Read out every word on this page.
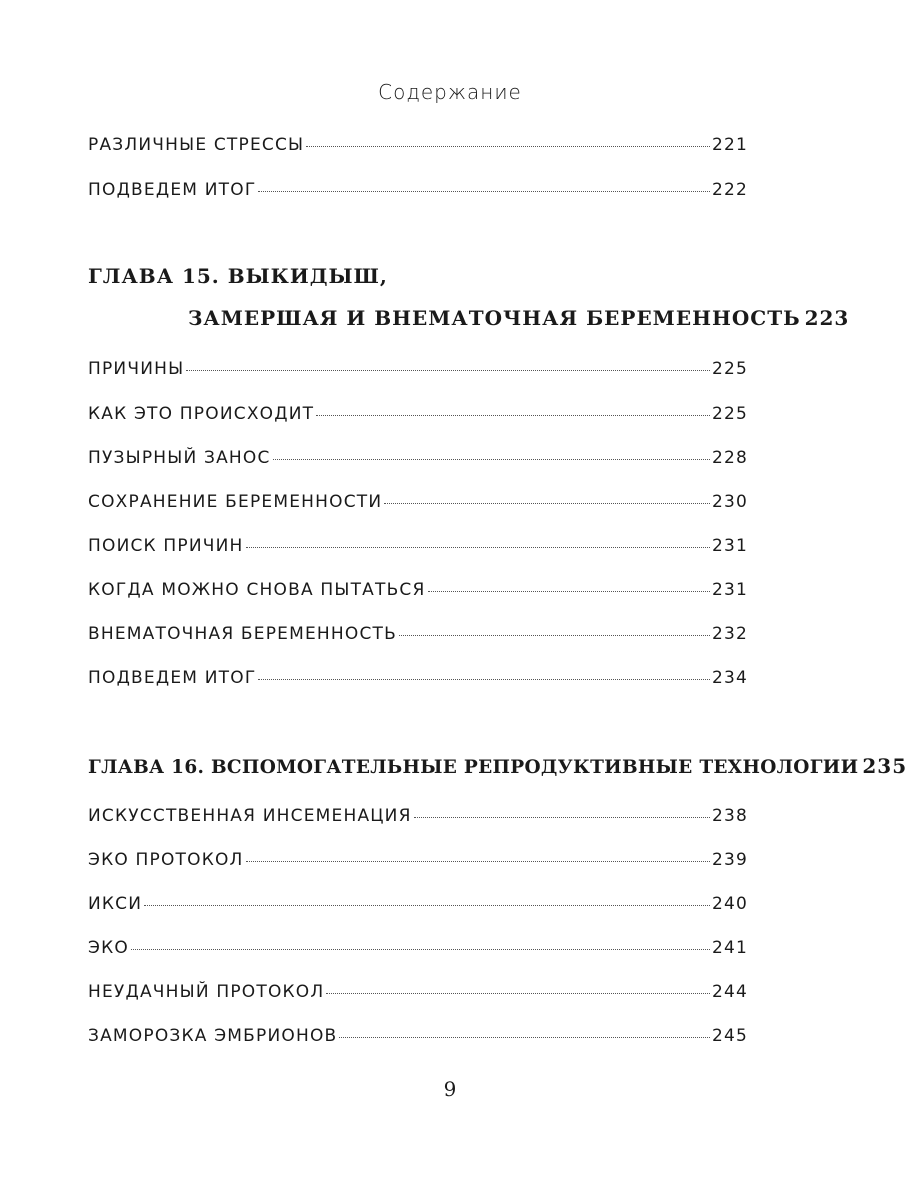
Содержание
РАЗЛИЧНЫЕ СТРЕССЫ	221
ПОДВЕДЕМ ИТОГ	222
ГЛАВА 15. ВЫКИДЫШ,
ЗАМЕРШАЯ И ВНЕМАТОЧНАЯ БЕРЕМЕННОСТЬ 223
ПРИЧИНЫ	225
КАК ЭТО ПРОИСХОДИТ	225
ПУЗЫРНЫЙ ЗАНОС	228
СОХРАНЕНИЕ БЕРЕМЕННОСТИ	230
ПОИСК ПРИЧИН	231
КОГДА МОЖНО СНОВА ПЫТАТЬСЯ	231
ВНЕМАТОЧНАЯ БЕРЕМЕННОСТЬ	232
ПОДВЕДЕМ ИТОГ	234
ГЛАВА 16. ВСПОМОГАТЕЛЬНЫЕ РЕПРОДУКТИВНЫЕ ТЕХНОЛОГИИ 235
ИСКУССТВЕННАЯ ИНСЕМЕНАЦИЯ	238
ЭКО ПРОТОКОЛ	239
ИКСИ	240
ЭКО	241
НЕУДАЧНЫЙ ПРОТОКОЛ	244
ЗАМОРОЗКА ЭМБРИОНОВ	245
9
